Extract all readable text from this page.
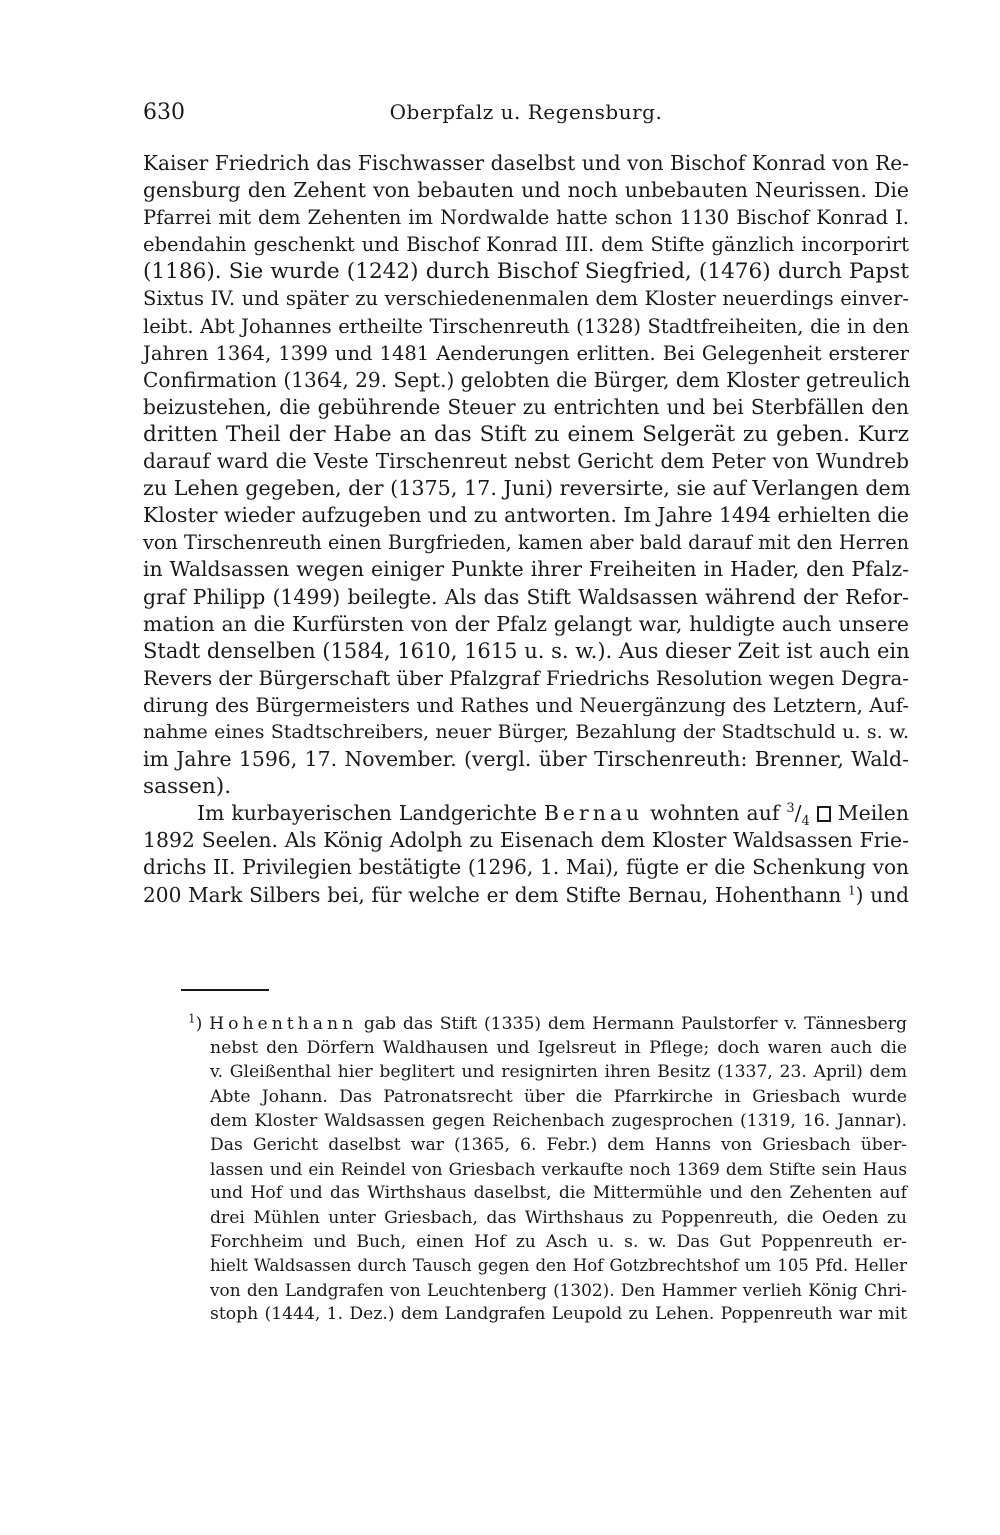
630	Oberpfalz u. Regensburg.
Kaiser Friedrich das Fischwasser daselbst und von Bischof Konrad von Re-
gensburg den Zehent von bebauten und noch unbebauten Neurissen. Die
Pfarrei mit dem Zehenten im Nordwalde hatte schon 1130 Bischof Konrad I.
ebendahin geschenkt und Bischof Konrad III. dem Stifte gänzlich incorporirt
(1186). Sie wurde (1242) durch Bischof Siegfried, (1476) durch Papst
Sixtus IV. und später zu verschiedenenmalen dem Kloster neuerdings einver-
leibt. Abt Johannes ertheilte Tirschenreuth (1328) Stadtfreiheiten, die in den
Jahren 1364, 1399 und 1481 Aenderungen erlitten. Bei Gelegenheit ersterer
Confirmation (1364, 29. Sept.) gelobten die Bürger, dem Kloster getreulich
beizustehen, die gebührende Steuer zu entrichten und bei Sterbfällen den
dritten Theil der Habe an das Stift zu einem Selgerät zu geben. Kurz
darauf ward die Veste Tirschenreut nebst Gericht dem Peter von Wundreb
zu Lehen gegeben, der (1375, 17. Juni) reversirte, sie auf Verlangen dem
Kloster wieder aufzugeben und zu antworten. Im Jahre 1494 erhielten die
von Tirschenreuth einen Burgfrieden, kamen aber bald darauf mit den Herren
in Waldsassen wegen einiger Punkte ihrer Freiheiten in Hader, den Pfalz-
graf Philipp (1499) beilegte. Als das Stift Waldsassen während der Refor-
mation an die Kurfürsten von der Pfalz gelangt war, huldigte auch unsere
Stadt denselben (1584, 1610, 1615 u. s. w.). Aus dieser Zeit ist auch ein
Revers der Bürgerschaft über Pfalzgraf Friedrichs Resolution wegen Degra-
dirung des Bürgermeisters und Rathes und Neuergänzung des Letztern, Auf-
nahme eines Stadtschreibers, neuer Bürger, Bezahlung der Stadtschuld u. s. w.
im Jahre 1596, 17. November. (vergl. über Tirschenreuth: Brenner, Wald-
sassen).
Im kurbayerischen Landgerichte Bernau wohnten auf $^3/_4$ Meilen
1892 Seelen. Als König Adolph zu Eisenach dem Kloster Waldsassen Frie-
drichs II. Privilegien bestätigte (1296, 1. Mai), fügte er die Schenkung von
200 Mark Silbers bei, für welche er dem Stifte Bernau, Hohenthann $^1$) und
$^1$) Hohenthann gab das Stift (1335) dem Hermann Paulstorfer v. Tännesberg
nebst den Dörfern Waldhausen und Igelsreut in Pflege; doch waren auch die
v. Gleißenthal hier beglitert und resignirten ihren Besitz (1337, 23. April) dem
Abte Johann. Das Patronatsrecht über die Pfarrkirche in Griesbach wurde
dem Kloster Waldsassen gegen Reichenbach zugesprochen (1319, 16. Jannar).
Das Gericht daselbst war (1365, 6. Febr.) dem Hanns von Griesbach über-
lassen und ein Reindel von Griesbach verkaufte noch 1369 dem Stifte sein Haus
und Hof und das Wirthshaus daselbst, die Mittermühle und den Zehenten auf
drei Mühlen unter Griesbach, das Wirthshaus zu Poppenreuth, die Oeden zu
Forchheim und Buch, einen Hof zu Asch u. s. w. Das Gut Poppenreuth er-
hielt Waldsassen durch Tausch gegen den Hof Gotzbrechtshof um 105 Pfd. Heller
von den Landgrafen von Leuchtenberg (1302). Den Hammer verlieh König Chri-
stoph (1444, 1. Dez.) dem Landgrafen Leupold zu Lehen. Poppenreuth war mit
